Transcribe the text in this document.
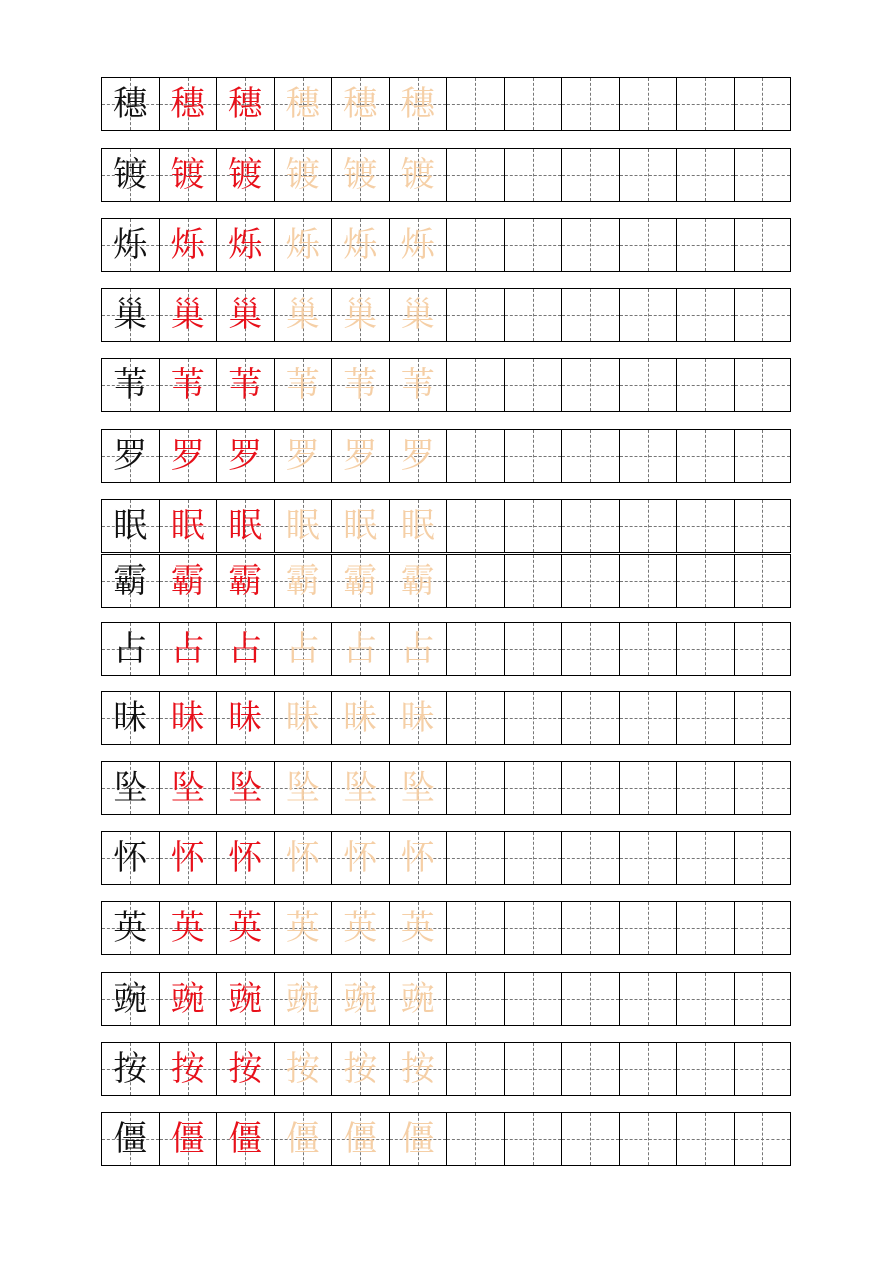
穗 穗 穗 穗 穗 穗
镀 镀 镀 镀 镀 镀
烁 烁 烁 烁 烁 烁
巢 巢 巢 巢 巢 巢
苇 苇 苇 苇 苇 苇
罗 罗 罗 罗 罗 罗
眠 眠 眠 眠 眠 眠
霸 霸 霸 霸 霸 霸
占 占 占 占 占 占
昧 昧 昧 昧 昧 昧
坠 坠 坠 坠 坠 坠
怀 怀 怀 怀 怀 怀
英 英 英 英 英 英
豌 豌 豌 豌 豌 豌
按 按 按 按 按 按
僵 僵 僵 僵 僵 僵
